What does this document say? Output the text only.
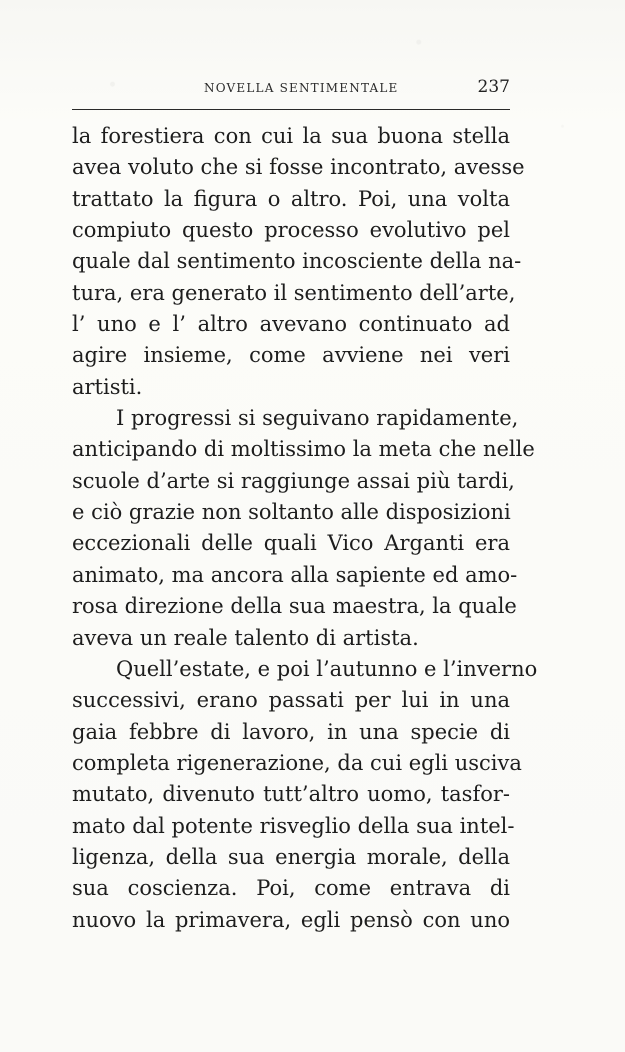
NOVELLA SENTIMENTALE	237
la forestiera con cui la sua buona stella
avea voluto che si fosse incontrato, avesse
trattato la figura o altro. Poi, una volta
compiuto questo processo evolutivo pel
quale dal sentimento incosciente della na-
tura, era generato il sentimento dell’arte,
l’ uno e l’ altro avevano continuato ad
agire insieme, come avviene nei veri
artisti.
I progressi si seguivano rapidamente,
anticipando di moltissimo la meta che nelle
scuole d’arte si raggiunge assai più tardi,
e ciò grazie non soltanto alle disposizioni
eccezionali delle quali Vico Arganti era
animato, ma ancora alla sapiente ed amo-
rosa direzione della sua maestra, la quale
aveva un reale talento di artista.
Quell’estate, e poi l’autunno e l’inverno
successivi, erano passati per lui in una
gaia febbre di lavoro, in una specie di
completa rigenerazione, da cui egli usciva
mutato, divenuto tutt’altro uomo, tasfor-
mato dal potente risveglio della sua intel-
ligenza, della sua energia morale, della
sua coscienza. Poi, come entrava di
nuovo la primavera, egli pensò con uno
